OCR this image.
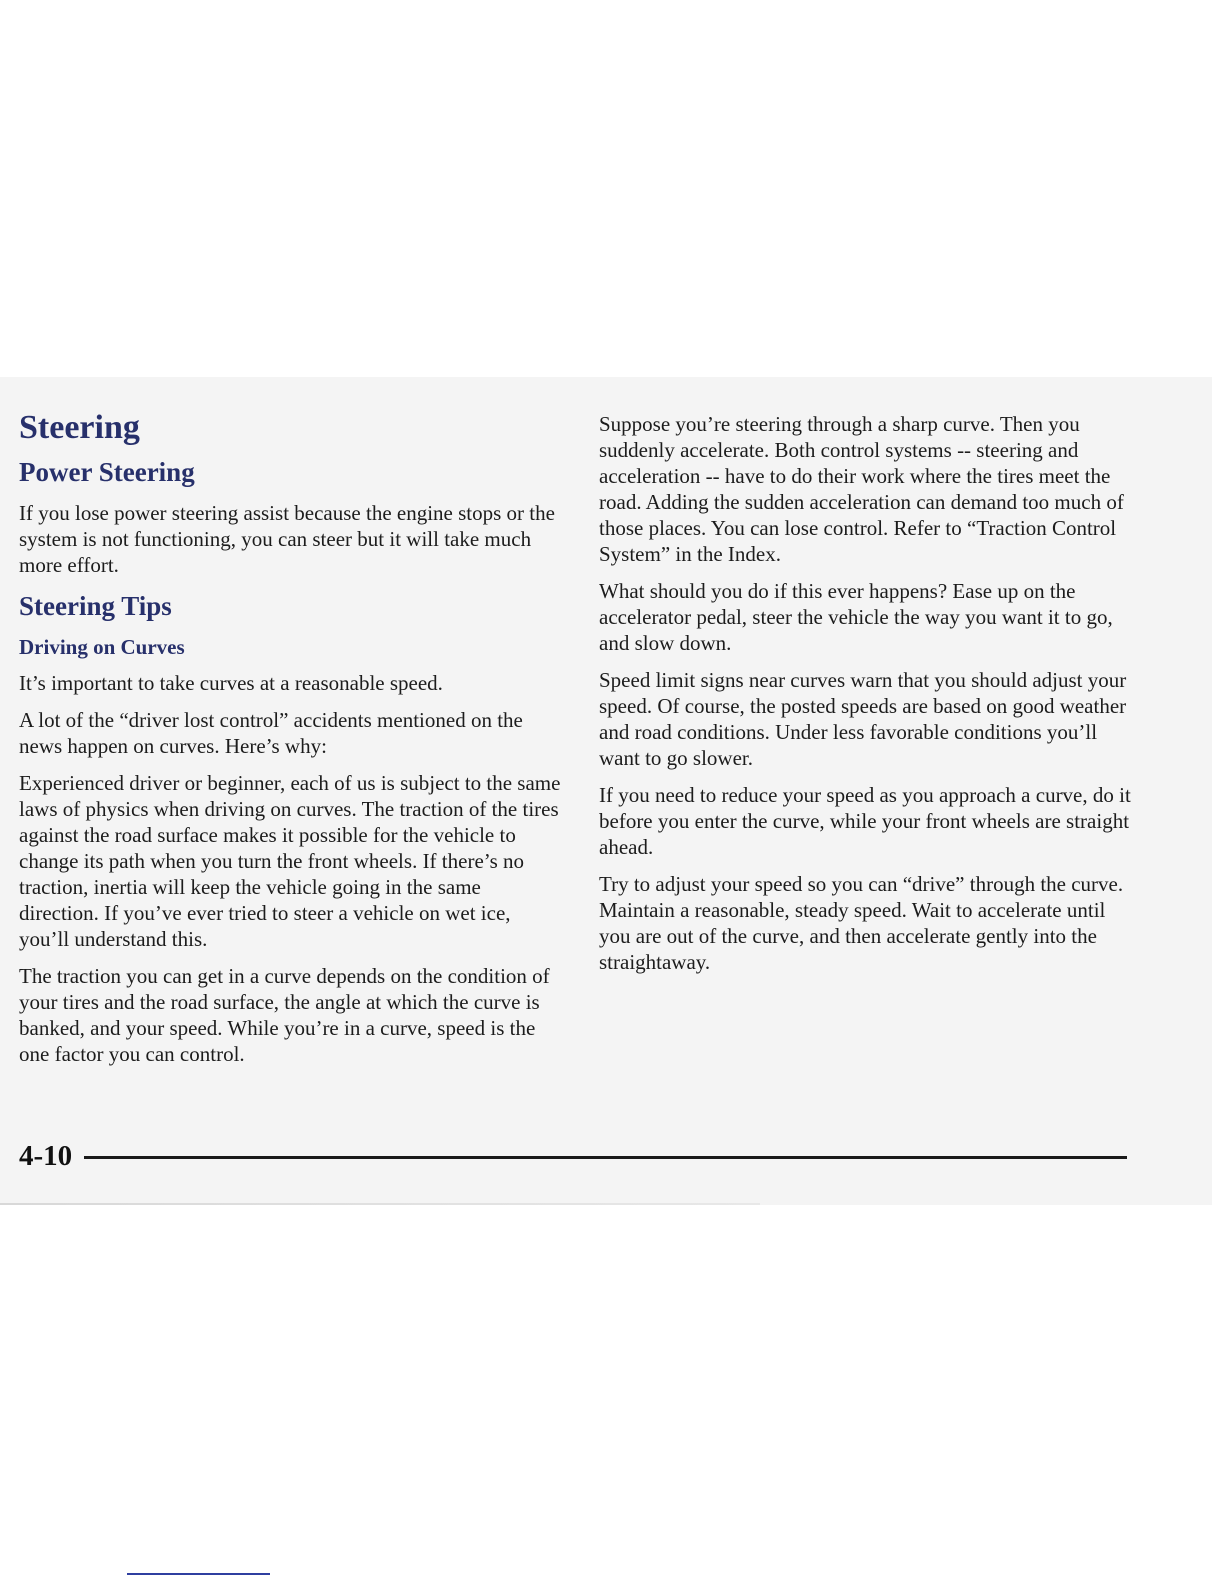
Steering
Power Steering

If you lose power steering assist because the engine stops or the system is not functioning, you can steer but it will take much more effort.

Steering Tips
Driving on Curves

It’s important to take curves at a reasonable speed.

A lot of the “driver lost control” accidents mentioned on the news happen on curves. Here’s why:

Experienced driver or beginner, each of us is subject to the same laws of physics when driving on curves. The traction of the tires against the road surface makes it possible for the vehicle to change its path when you turn the front wheels. If there’s no traction, inertia will keep the vehicle going in the same direction. If you’ve ever tried to steer a vehicle on wet ice, you’ll understand this.

The traction you can get in a curve depends on the condition of your tires and the road surface, the angle at which the curve is banked, and your speed. While you’re in a curve, speed is the one factor you can control.

Suppose you’re steering through a sharp curve. Then you suddenly accelerate. Both control systems -- steering and acceleration -- have to do their work where the tires meet the road. Adding the sudden acceleration can demand too much of those places. You can lose control. Refer to “Traction Control System” in the Index.

What should you do if this ever happens? Ease up on the accelerator pedal, steer the vehicle the way you want it to go, and slow down.

Speed limit signs near curves warn that you should adjust your speed. Of course, the posted speeds are based on good weather and road conditions. Under less favorable conditions you’ll want to go slower.

If you need to reduce your speed as you approach a curve, do it before you enter the curve, while your front wheels are straight ahead.

Try to adjust your speed so you can “drive” through the curve. Maintain a reasonable, steady speed. Wait to accelerate until you are out of the curve, and then accelerate gently into the straightaway.

4-10
